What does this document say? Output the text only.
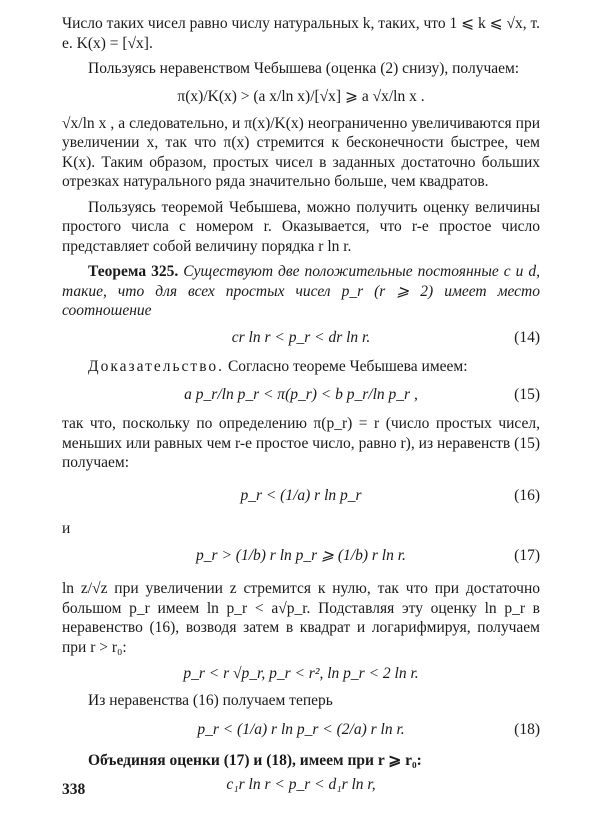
Число таких чисел равно числу натуральных k, таких, что 1 ⩽ k ⩽ √x, т. е. K(x) = [√x].

Пользуясь неравенством Чебышева (оценка (2) снизу), получаем:

π(x)/K(x) > (a x/ln x)/[√x] ⩾ a √x/ln x .

√x/ln x , а следовательно, и π(x)/K(x) неограниченно увеличиваются при увеличении x, так что π(x) стремится к бесконечности быстрее, чем K(x). Таким образом, простых чисел в заданных достаточно больших отрезках натурального ряда значительно больше, чем квадратов.

Пользуясь теоремой Чебышева, можно получить оценку величины простого числа с номером r. Оказывается, что r-е простое число представляет собой величину порядка r ln r.

Теорема 325. Существуют две положительные постоянные c и d, такие, что для всех простых чисел p_r (r ⩾ 2) имеет место соотношение

cr ln r < p_r < dr ln r.	(14)

Доказательство. Согласно теореме Чебышева имеем:

a p_r/ln p_r < π(p_r) < b p_r/ln p_r ,	(15)

так что, поскольку по определению π(p_r) = r (число простых чисел, меньших или равных чем r-е простое число, равно r), из неравенств (15) получаем:

p_r < (1/a) r ln p_r	(16)

и

p_r > (1/b) r ln p_r ⩾ (1/b) r ln r.	(17)

ln z/√z при увеличении z стремится к нулю, так что при достаточно большом p_r имеем ln p_r < a√p_r. Подставляя эту оценку ln p_r в неравенство (16), возводя затем в квадрат и логарифмируя, получаем при r > r₀:

p_r < r √p_r, p_r < r², ln p_r < 2 ln r.

Из неравенства (16) получаем теперь

p_r < (1/a) r ln p_r < (2/a) r ln r.	(18)

Объединяя оценки (17) и (18), имеем при r ⩾ r₀:

c₁r ln r < p_r < d₁r ln r,
338
